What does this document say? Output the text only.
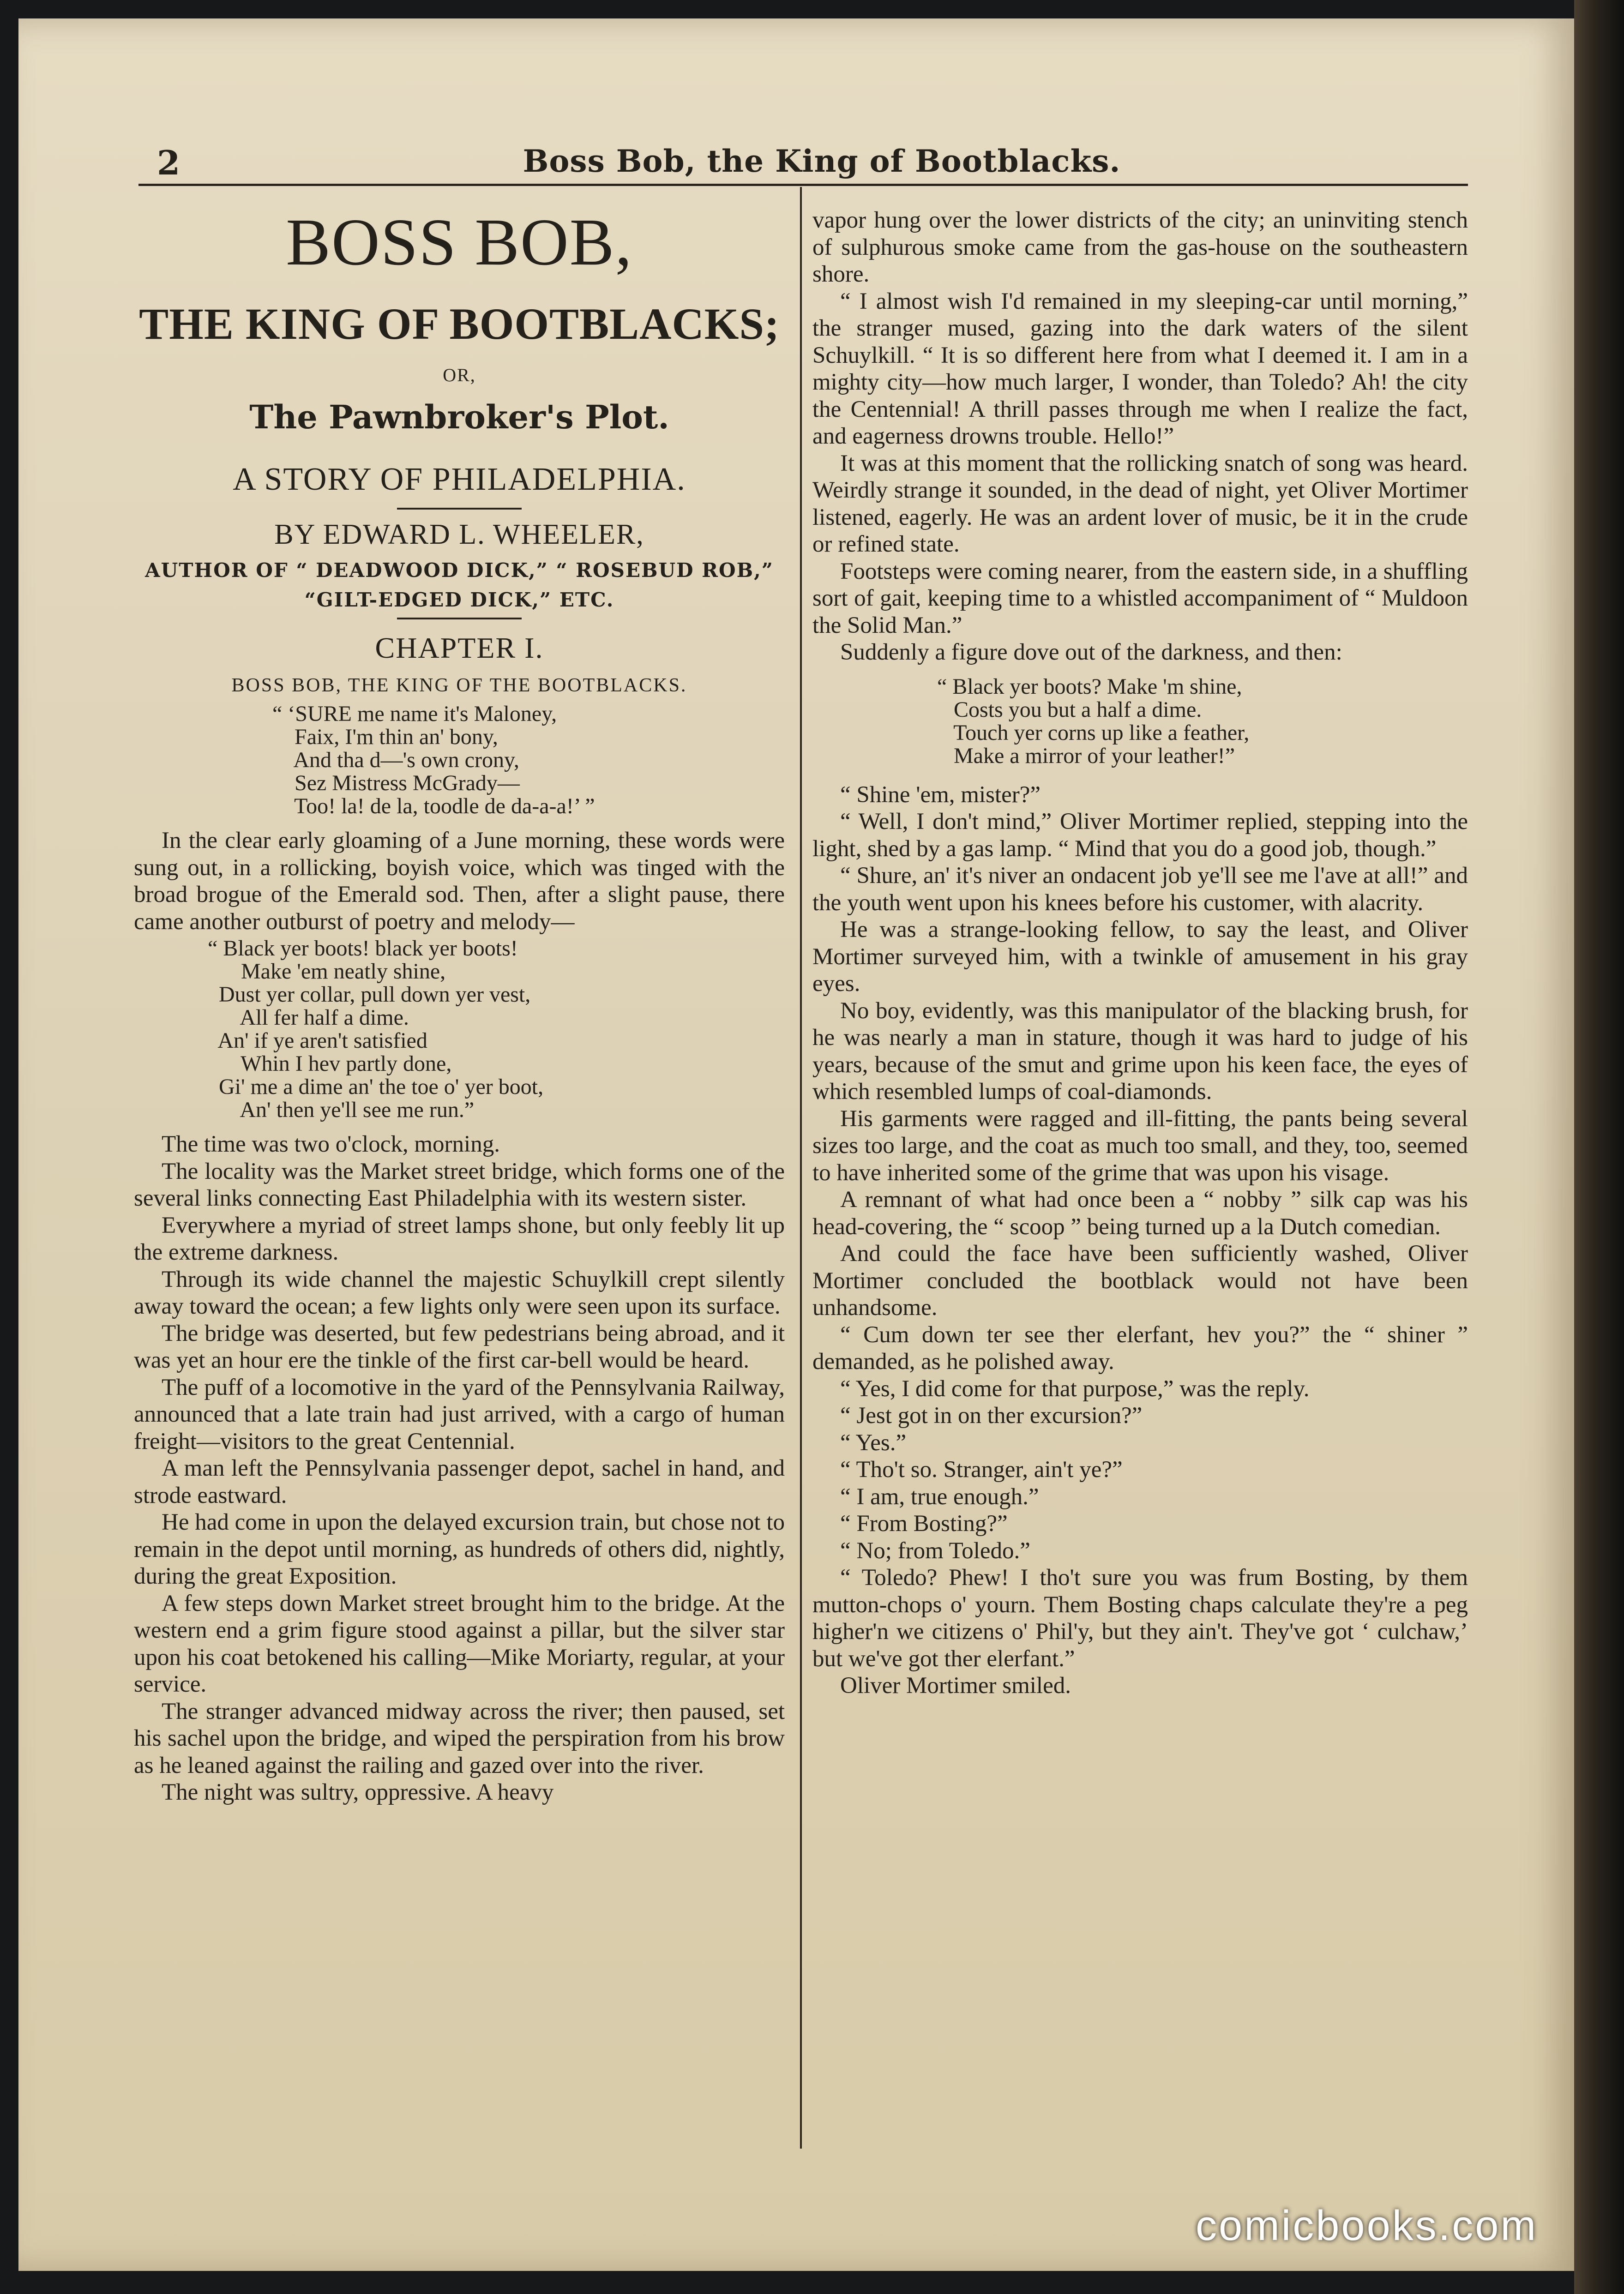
2	Boss Bob, the King of Bootblacks.
BOSS BOB,
THE KING OF BOOTBLACKS;
OR,
The Pawnbroker's Plot.
A STORY OF PHILADELPHIA.
BY EDWARD L. WHEELER,
AUTHOR OF “ DEADWOOD DICK,” “ ROSEBUD ROB,” “GILT-EDGED DICK,” ETC.
CHAPTER I.
BOSS BOB, THE KING OF THE BOOTBLACKS.
“ ‘SURE me name it's Maloney,
Faix, I'm thin an' bony,
And tha d—'s own crony,
Sez Mistress McGrady—
Too! la! de la, toodle de da-a-a!’ ”

In the clear early gloaming of a June morning, these words were sung out, in a rollicking, boyish voice, which was tinged with the broad brogue of the Emerald sod. Then, after a slight pause, there came another outburst of poetry and melody—

“ Black yer boots! black yer boots!
Make 'em neatly shine,
Dust yer collar, pull down yer vest,
All fer half a dime.
An' if ye aren't satisfied
Whin I hev partly done,
Gi' me a dime an' the toe o' yer boot,
An' then ye'll see me run.”

The time was two o'clock, morning.

The locality was the Market street bridge, which forms one of the several links connecting East Philadelphia with its western sister.

Everywhere a myriad of street lamps shone, but only feebly lit up the extreme darkness.

Through its wide channel the majestic Schuylkill crept silently away toward the ocean; a few lights only were seen upon its surface.

The bridge was deserted, but few pedestrians being abroad, and it was yet an hour ere the tinkle of the first car-bell would be heard.

The puff of a locomotive in the yard of the Pennsylvania Railway, announced that a late train had just arrived, with a cargo of human freight—visitors to the great Centennial.

A man left the Pennsylvania passenger depot, sachel in hand, and strode eastward.

He had come in upon the delayed excursion train, but chose not to remain in the depot until morning, as hundreds of others did, nightly, during the great Exposition.

A few steps down Market street brought him to the bridge. At the western end a grim figure stood against a pillar, but the silver star upon his coat betokened his calling—Mike Moriarty, regular, at your service.

The stranger advanced midway across the river; then paused, set his sachel upon the bridge, and wiped the perspiration from his brow as he leaned against the railing and gazed over into the river.

The night was sultry, oppressive. A heavy

vapor hung over the lower districts of the city; an uninviting stench of sulphurous smoke came from the gas-house on the southeastern shore.

“ I almost wish I'd remained in my sleeping-car until morning,” the stranger mused, gazing into the dark waters of the silent Schuylkill. “ It is so different here from what I deemed it. I am in a mighty city—how much larger, I wonder, than Toledo? Ah! the city the Centennial! A thrill passes through me when I realize the fact, and eagerness drowns trouble. Hello!”

It was at this moment that the rollicking snatch of song was heard. Weirdly strange it sounded, in the dead of night, yet Oliver Mortimer listened, eagerly. He was an ardent lover of music, be it in the crude or refined state.

Footsteps were coming nearer, from the eastern side, in a shuffling sort of gait, keeping time to a whistled accompaniment of “ Muldoon the Solid Man.”

Suddenly a figure dove out of the darkness, and then:

“ Black yer boots? Make 'm shine,
Costs you but a half a dime.
Touch yer corns up like a feather,
Make a mirror of your leather!”

“ Shine 'em, mister?”

“ Well, I don't mind,” Oliver Mortimer replied, stepping into the light, shed by a gas lamp. “ Mind that you do a good job, though.”

“ Shure, an' it's niver an ondacent job ye'll see me l'ave at all!” and the youth went upon his knees before his customer, with alacrity.

He was a strange-looking fellow, to say the least, and Oliver Mortimer surveyed him, with a twinkle of amusement in his gray eyes.

No boy, evidently, was this manipulator of the blacking brush, for he was nearly a man in stature, though it was hard to judge of his years, because of the smut and grime upon his keen face, the eyes of which resembled lumps of coal-diamonds.

His garments were ragged and ill-fitting, the pants being several sizes too large, and the coat as much too small, and they, too, seemed to have inherited some of the grime that was upon his visage.

A remnant of what had once been a “ nobby ” silk cap was his head-covering, the “ scoop ” being turned up a la Dutch comedian.

And could the face have been sufficiently washed, Oliver Mortimer concluded the bootblack would not have been unhandsome.

“ Cum down ter see ther elerfant, hev you?” the “ shiner ” demanded, as he polished away.

“ Yes, I did come for that purpose,” was the reply.

“ Jest got in on ther excursion?”

“ Yes.”

“ Tho't so. Stranger, ain't ye?”

“ I am, true enough.”

“ From Bosting?”

“ No; from Toledo.”

“ Toledo? Phew! I tho't sure you was frum Bosting, by them mutton-chops o' yourn. Them Bosting chaps calculate they're a peg higher'n we citizens o' Phil'y, but they ain't. They've got ‘ culchaw,’ but we've got ther elerfant.”

Oliver Mortimer smiled.

comicbooks.com
